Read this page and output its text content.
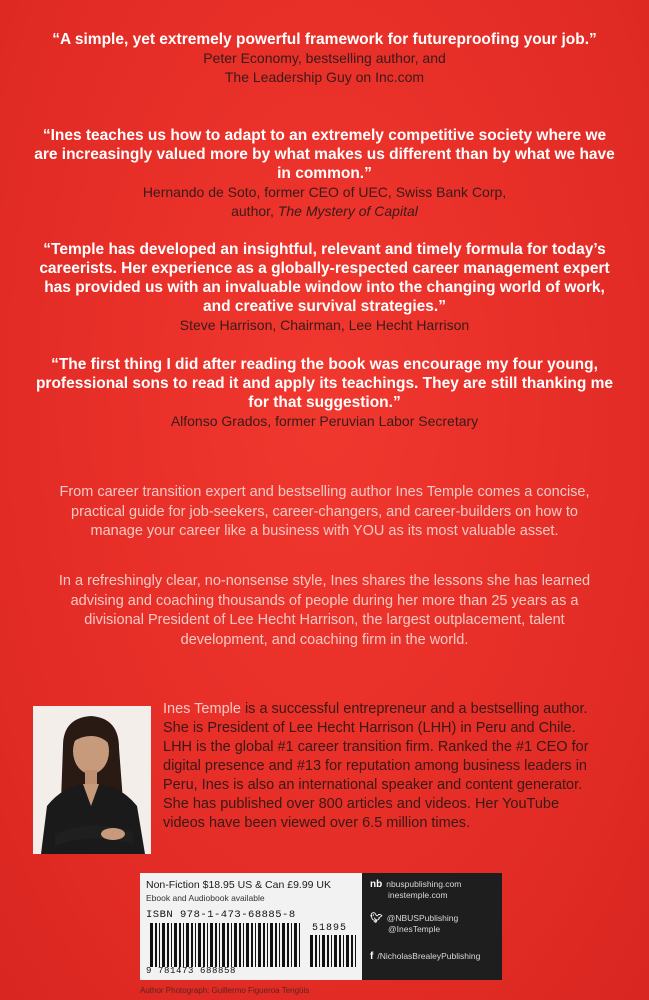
“A simple, yet extremely powerful framework for futureproofing your job.”
Peter Economy, bestselling author, and
The Leadership Guy on Inc.com
“Ines teaches us how to adapt to an extremely competitive society where we are increasingly valued more by what makes us different than by what we have in common.”
Hernando de Soto, former CEO of UEC, Swiss Bank Corp,
author, The Mystery of Capital
“Temple has developed an insightful, relevant and timely formula for today’s careerists. Her experience as a globally-respected career management expert has provided us with an invaluable window into the changing world of work, and creative survival strategies.”
Steve Harrison, Chairman, Lee Hecht Harrison
“The first thing I did after reading the book was encourage my four young, professional sons to read it and apply its teachings. They are still thanking me for that suggestion.”
Alfonso Grados, former Peruvian Labor Secretary
From career transition expert and bestselling author Ines Temple comes a concise, practical guide for job-seekers, career-changers, and career-builders on how to manage your career like a business with YOU as its most valuable asset.
In a refreshingly clear, no-nonsense style, Ines shares the lessons she has learned advising and coaching thousands of people during her more than 25 years as a divisional President of Lee Hecht Harrison, the largest outplacement, talent development, and coaching firm in the world.
Ines Temple is a successful entrepreneur and a bestselling author. She is President of Lee Hecht Harrison (LHH) in Peru and Chile. LHH is the global #1 career transition firm. Ranked the #1 CEO for digital presence and #13 for reputation among business leaders in Peru, Ines is also an international speaker and content generator. She has published over 800 articles and videos. Her YouTube videos have been viewed over 6.5 million times.
Non-Fiction $18.95 US & Can £9.99 UK
Ebook and Audiobook available
ISBN 978-1-473-68885-8
51895
9 781473 688858
nb nbuspublishing.com
inestemple.com
🐦︎ @NBUSPublishing
@InesTemple
f /NicholasBrealeyPublishing
Author Photograph: Guillermo Figueroa Tengüis
